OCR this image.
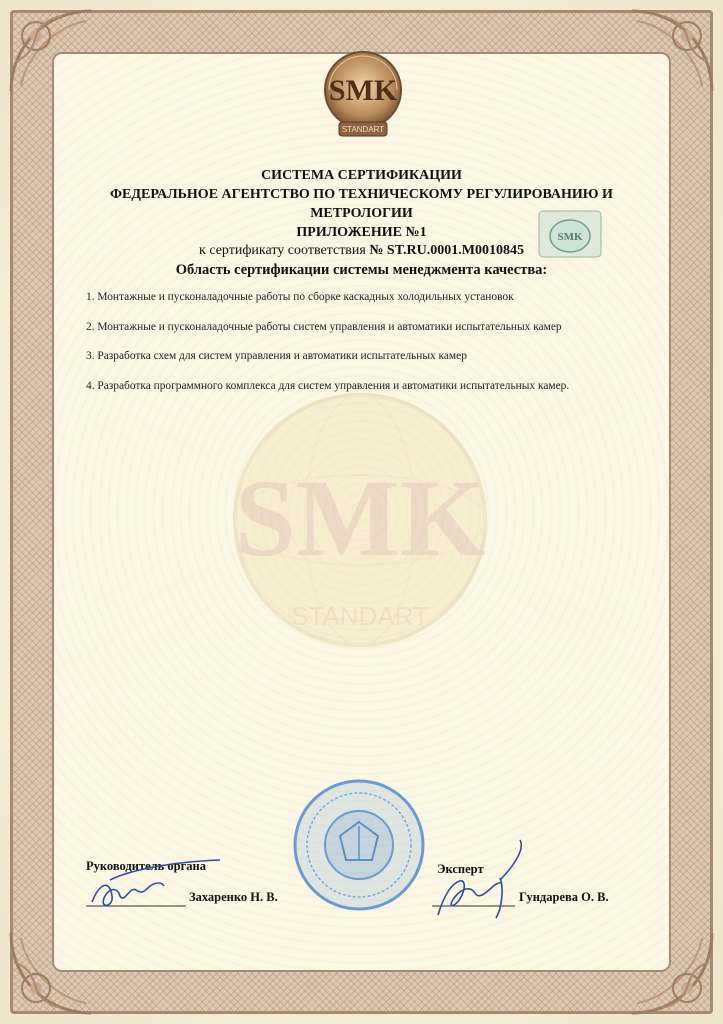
SMK
STANDART
SMK
STANDART
СИСТЕМА СЕРТИФИКАЦИИ
ФЕДЕРАЛЬНОЕ АГЕНТСТВО ПО ТЕХНИЧЕСКОМУ РЕГУЛИРОВАНИЮ И
МЕТРОЛОГИИ
ПРИЛОЖЕНИЕ №1
к сертификату соответствия № ST.RU.0001.M0010845
Область сертификации системы менеджмента качества:
SMK
1. Монтажные и пусконаладочные работы по сборке каскадных холодильных установок
2. Монтажные и пусконаладочные работы систем управления и автоматики испытательных камер
3. Разработка схем для систем управления и автоматики испытательных камер
4. Разработка программного комплекса для систем управления и автоматики испытательных камер.
Руководитель органа
Захаренко Н. В.
Эксперт
Гундарева О. В.
